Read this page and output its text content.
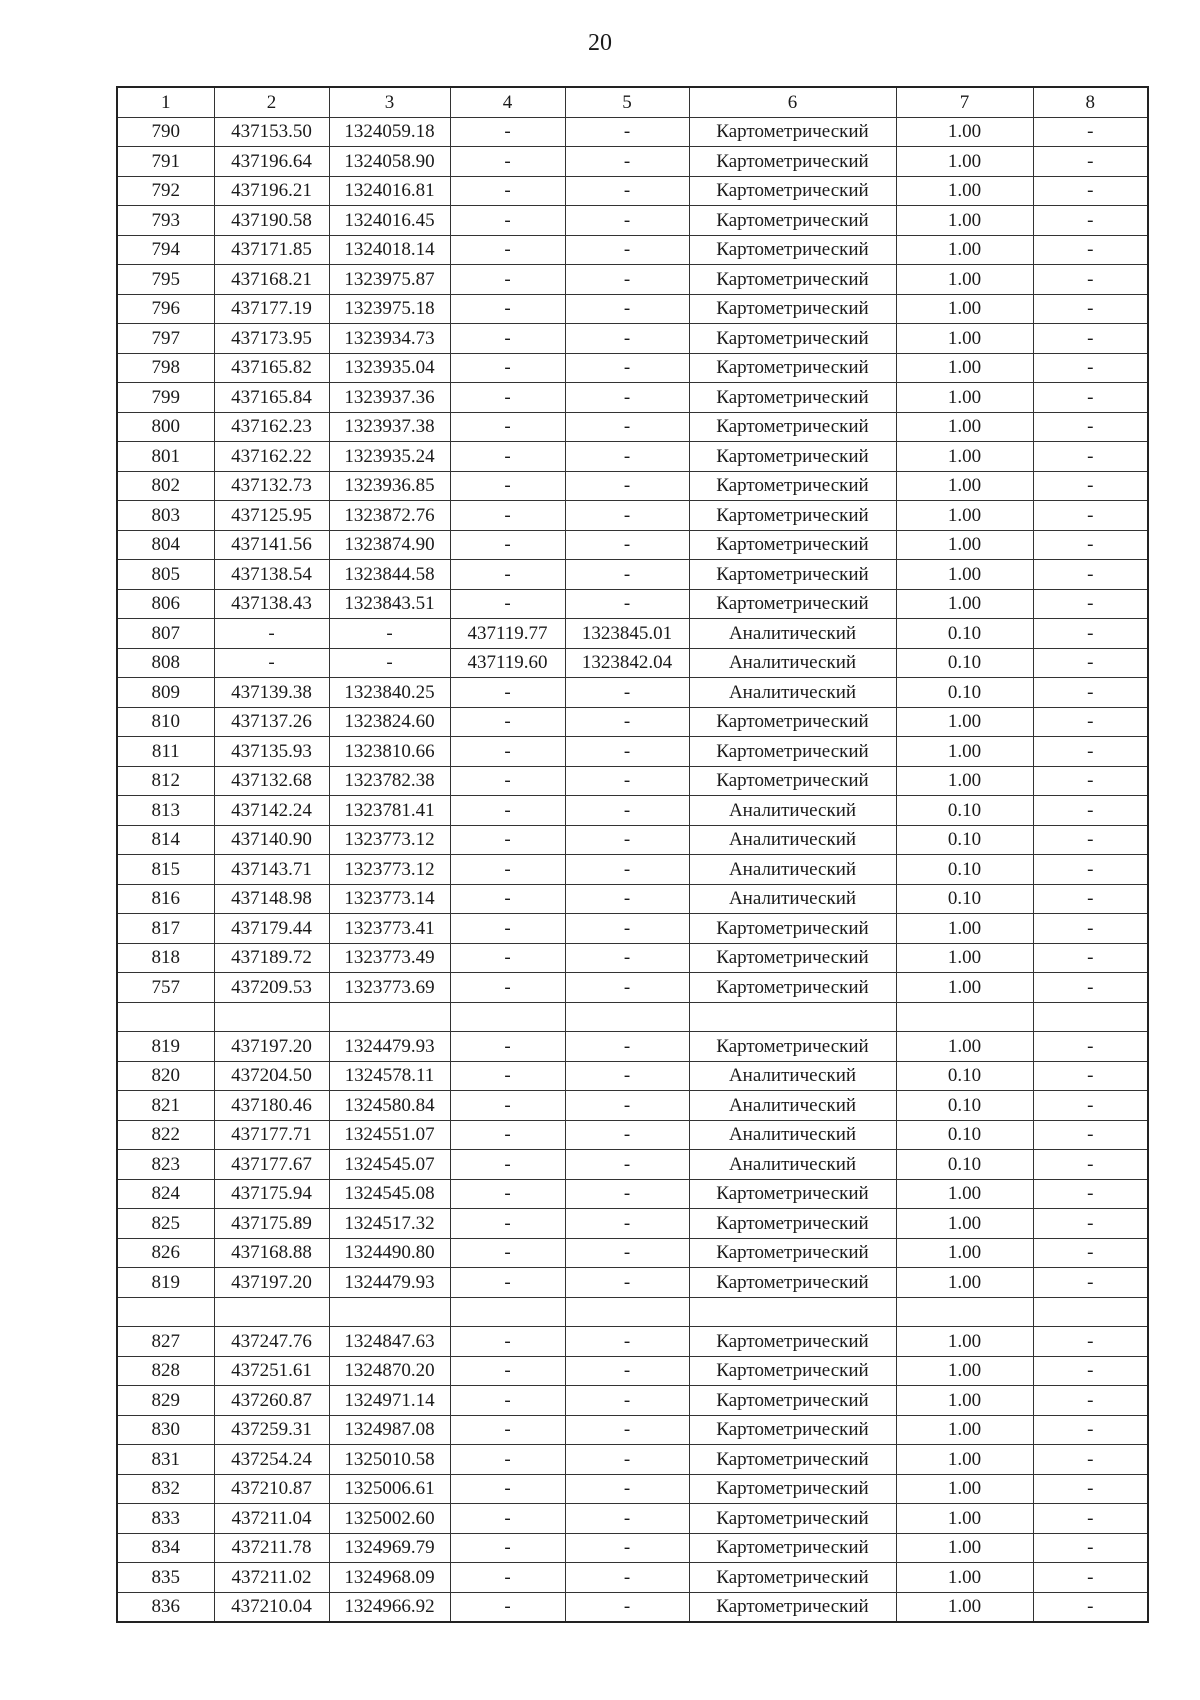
20
1	2	3	4	5	6	7	8
790	437153.50	1324059.18	-	-	Картометрический	1.00	-
791	437196.64	1324058.90	-	-	Картометрический	1.00	-
792	437196.21	1324016.81	-	-	Картометрический	1.00	-
793	437190.58	1324016.45	-	-	Картометрический	1.00	-
794	437171.85	1324018.14	-	-	Картометрический	1.00	-
795	437168.21	1323975.87	-	-	Картометрический	1.00	-
796	437177.19	1323975.18	-	-	Картометрический	1.00	-
797	437173.95	1323934.73	-	-	Картометрический	1.00	-
798	437165.82	1323935.04	-	-	Картометрический	1.00	-
799	437165.84	1323937.36	-	-	Картометрический	1.00	-
800	437162.23	1323937.38	-	-	Картометрический	1.00	-
801	437162.22	1323935.24	-	-	Картометрический	1.00	-
802	437132.73	1323936.85	-	-	Картометрический	1.00	-
803	437125.95	1323872.76	-	-	Картометрический	1.00	-
804	437141.56	1323874.90	-	-	Картометрический	1.00	-
805	437138.54	1323844.58	-	-	Картометрический	1.00	-
806	437138.43	1323843.51	-	-	Картометрический	1.00	-
807	-	-	437119.77	1323845.01	Аналитический	0.10	-
808	-	-	437119.60	1323842.04	Аналитический	0.10	-
809	437139.38	1323840.25	-	-	Аналитический	0.10	-
810	437137.26	1323824.60	-	-	Картометрический	1.00	-
811	437135.93	1323810.66	-	-	Картометрический	1.00	-
812	437132.68	1323782.38	-	-	Картометрический	1.00	-
813	437142.24	1323781.41	-	-	Аналитический	0.10	-
814	437140.90	1323773.12	-	-	Аналитический	0.10	-
815	437143.71	1323773.12	-	-	Аналитический	0.10	-
816	437148.98	1323773.14	-	-	Аналитический	0.10	-
817	437179.44	1323773.41	-	-	Картометрический	1.00	-
818	437189.72	1323773.49	-	-	Картометрический	1.00	-
757	437209.53	1323773.69	-	-	Картометрический	1.00	-

819	437197.20	1324479.93	-	-	Картометрический	1.00	-
820	437204.50	1324578.11	-	-	Аналитический	0.10	-
821	437180.46	1324580.84	-	-	Аналитический	0.10	-
822	437177.71	1324551.07	-	-	Аналитический	0.10	-
823	437177.67	1324545.07	-	-	Аналитический	0.10	-
824	437175.94	1324545.08	-	-	Картометрический	1.00	-
825	437175.89	1324517.32	-	-	Картометрический	1.00	-
826	437168.88	1324490.80	-	-	Картометрический	1.00	-
819	437197.20	1324479.93	-	-	Картометрический	1.00	-

827	437247.76	1324847.63	-	-	Картометрический	1.00	-
828	437251.61	1324870.20	-	-	Картометрический	1.00	-
829	437260.87	1324971.14	-	-	Картометрический	1.00	-
830	437259.31	1324987.08	-	-	Картометрический	1.00	-
831	437254.24	1325010.58	-	-	Картометрический	1.00	-
832	437210.87	1325006.61	-	-	Картометрический	1.00	-
833	437211.04	1325002.60	-	-	Картометрический	1.00	-
834	437211.78	1324969.79	-	-	Картометрический	1.00	-
835	437211.02	1324968.09	-	-	Картометрический	1.00	-
836	437210.04	1324966.92	-	-	Картометрический	1.00	-
